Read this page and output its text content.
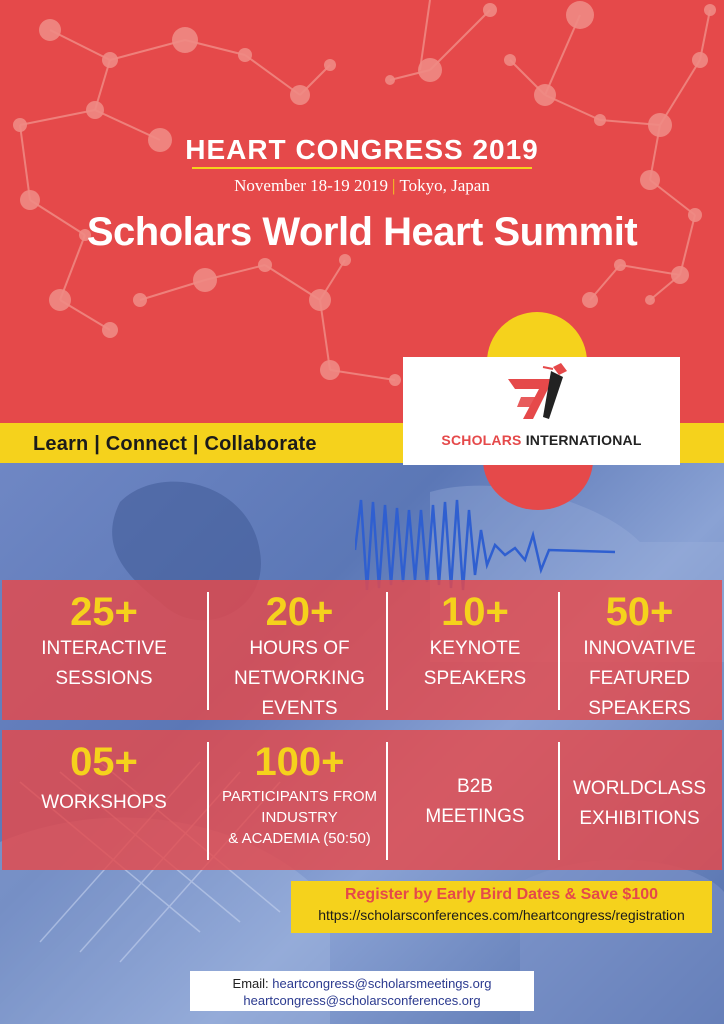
Learn | Connect | Collaborate	SCHOLARS INTERNATIONAL
HEART CONGRESS 2019
November 18-19 2019 | Tokyo, Japan
Scholars World Heart Summit
25+
INTERACTIVE
SESSIONS
20+
HOURS OF
NETWORKING
EVENTS
10+
KEYNOTE
SPEAKERS
50+
INNOVATIVE
FEATURED
SPEAKERS
05+
WORKSHOPS
100+
PARTICIPANTS FROM
INDUSTRY
& ACADEMIA (50:50)
B2B
MEETINGS
WORLDCLASS
EXHIBITIONS
Register by Early Bird Dates & Save $100
https://scholarsconferences.com/heartcongress/registration
Email: heartcongress@scholarsmeetings.org
heartcongress@scholarsconferences.org
